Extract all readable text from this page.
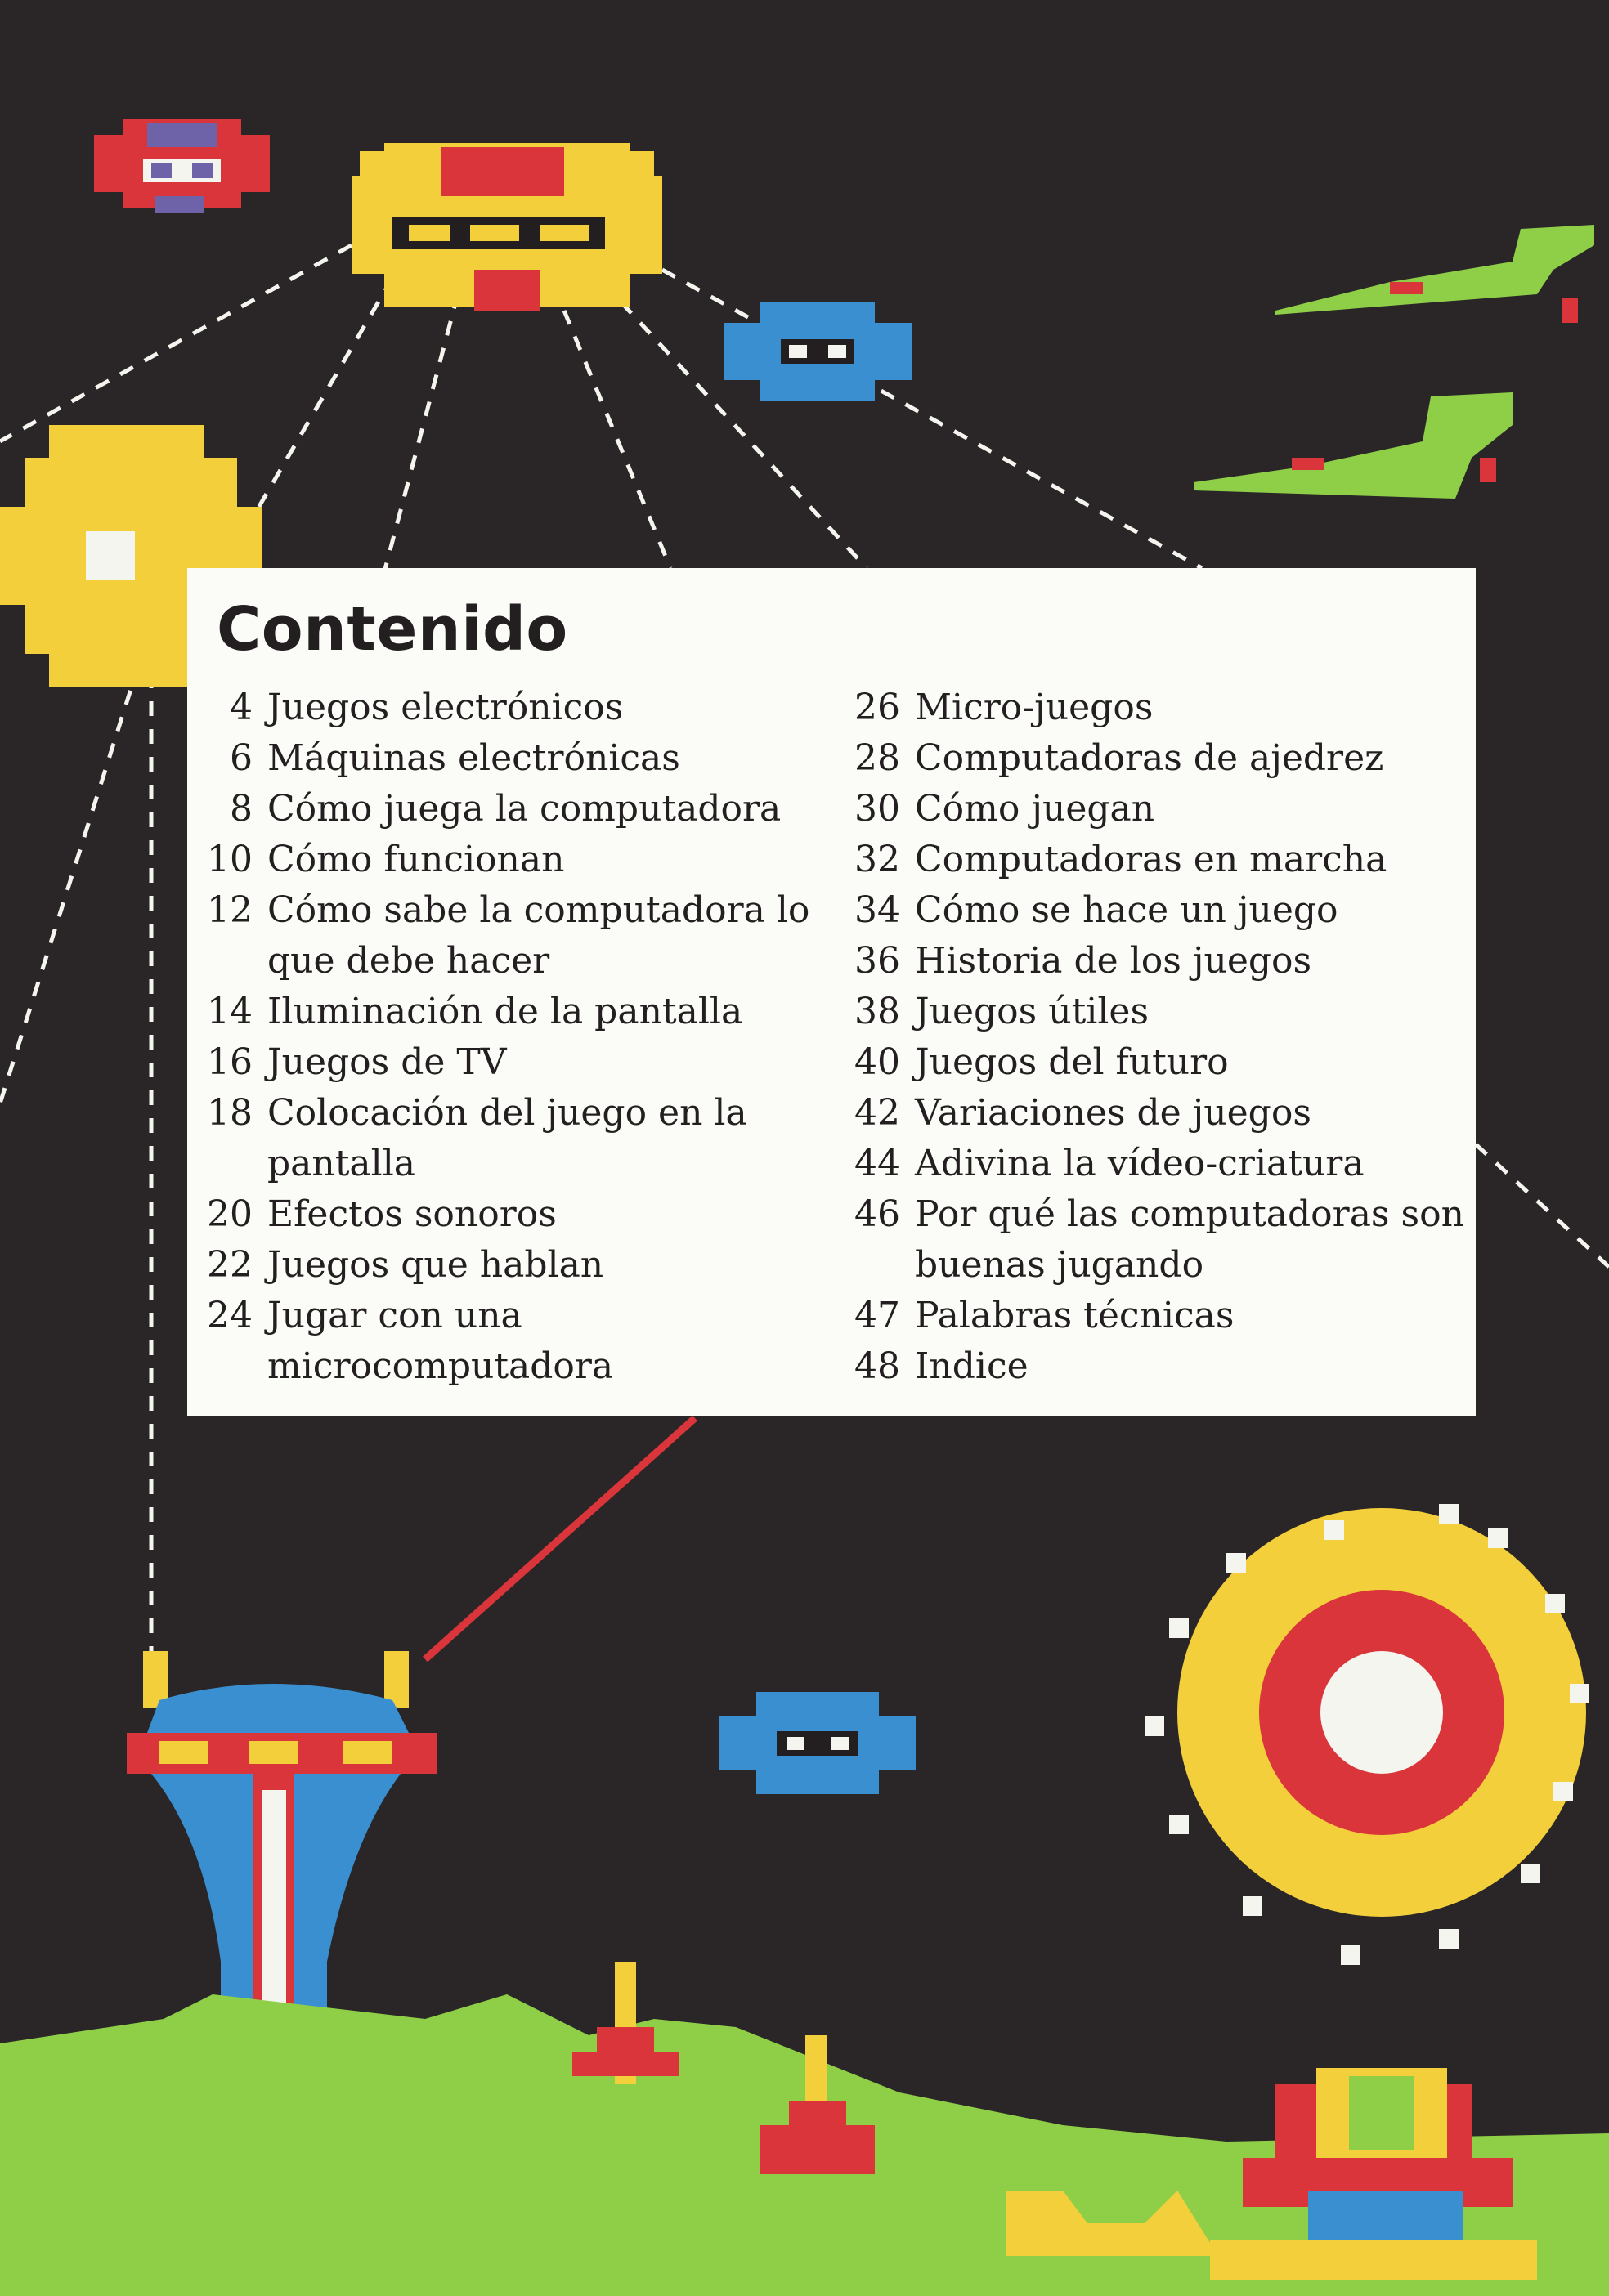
Contenido
4 Juegos electrónicos
6 Máquinas electrónicas
8 Cómo juega la computadora
10 Cómo funcionan
12 Cómo sabe la computadora lo que debe hacer
14 Iluminación de la pantalla
16 Juegos de TV
18 Colocación del juego en la pantalla
20 Efectos sonoros
22 Juegos que hablan
24 Jugar con una microcomputadora
26 Micro-juegos
28 Computadoras de ajedrez
30 Cómo juegan
32 Computadoras en marcha
34 Cómo se hace un juego
36 Historia de los juegos
38 Juegos útiles
40 Juegos del futuro
42 Variaciones de juegos
44 Adivina la vídeo-criatura
46 Por qué las computadoras son buenas jugando
47 Palabras técnicas
48 Indice
